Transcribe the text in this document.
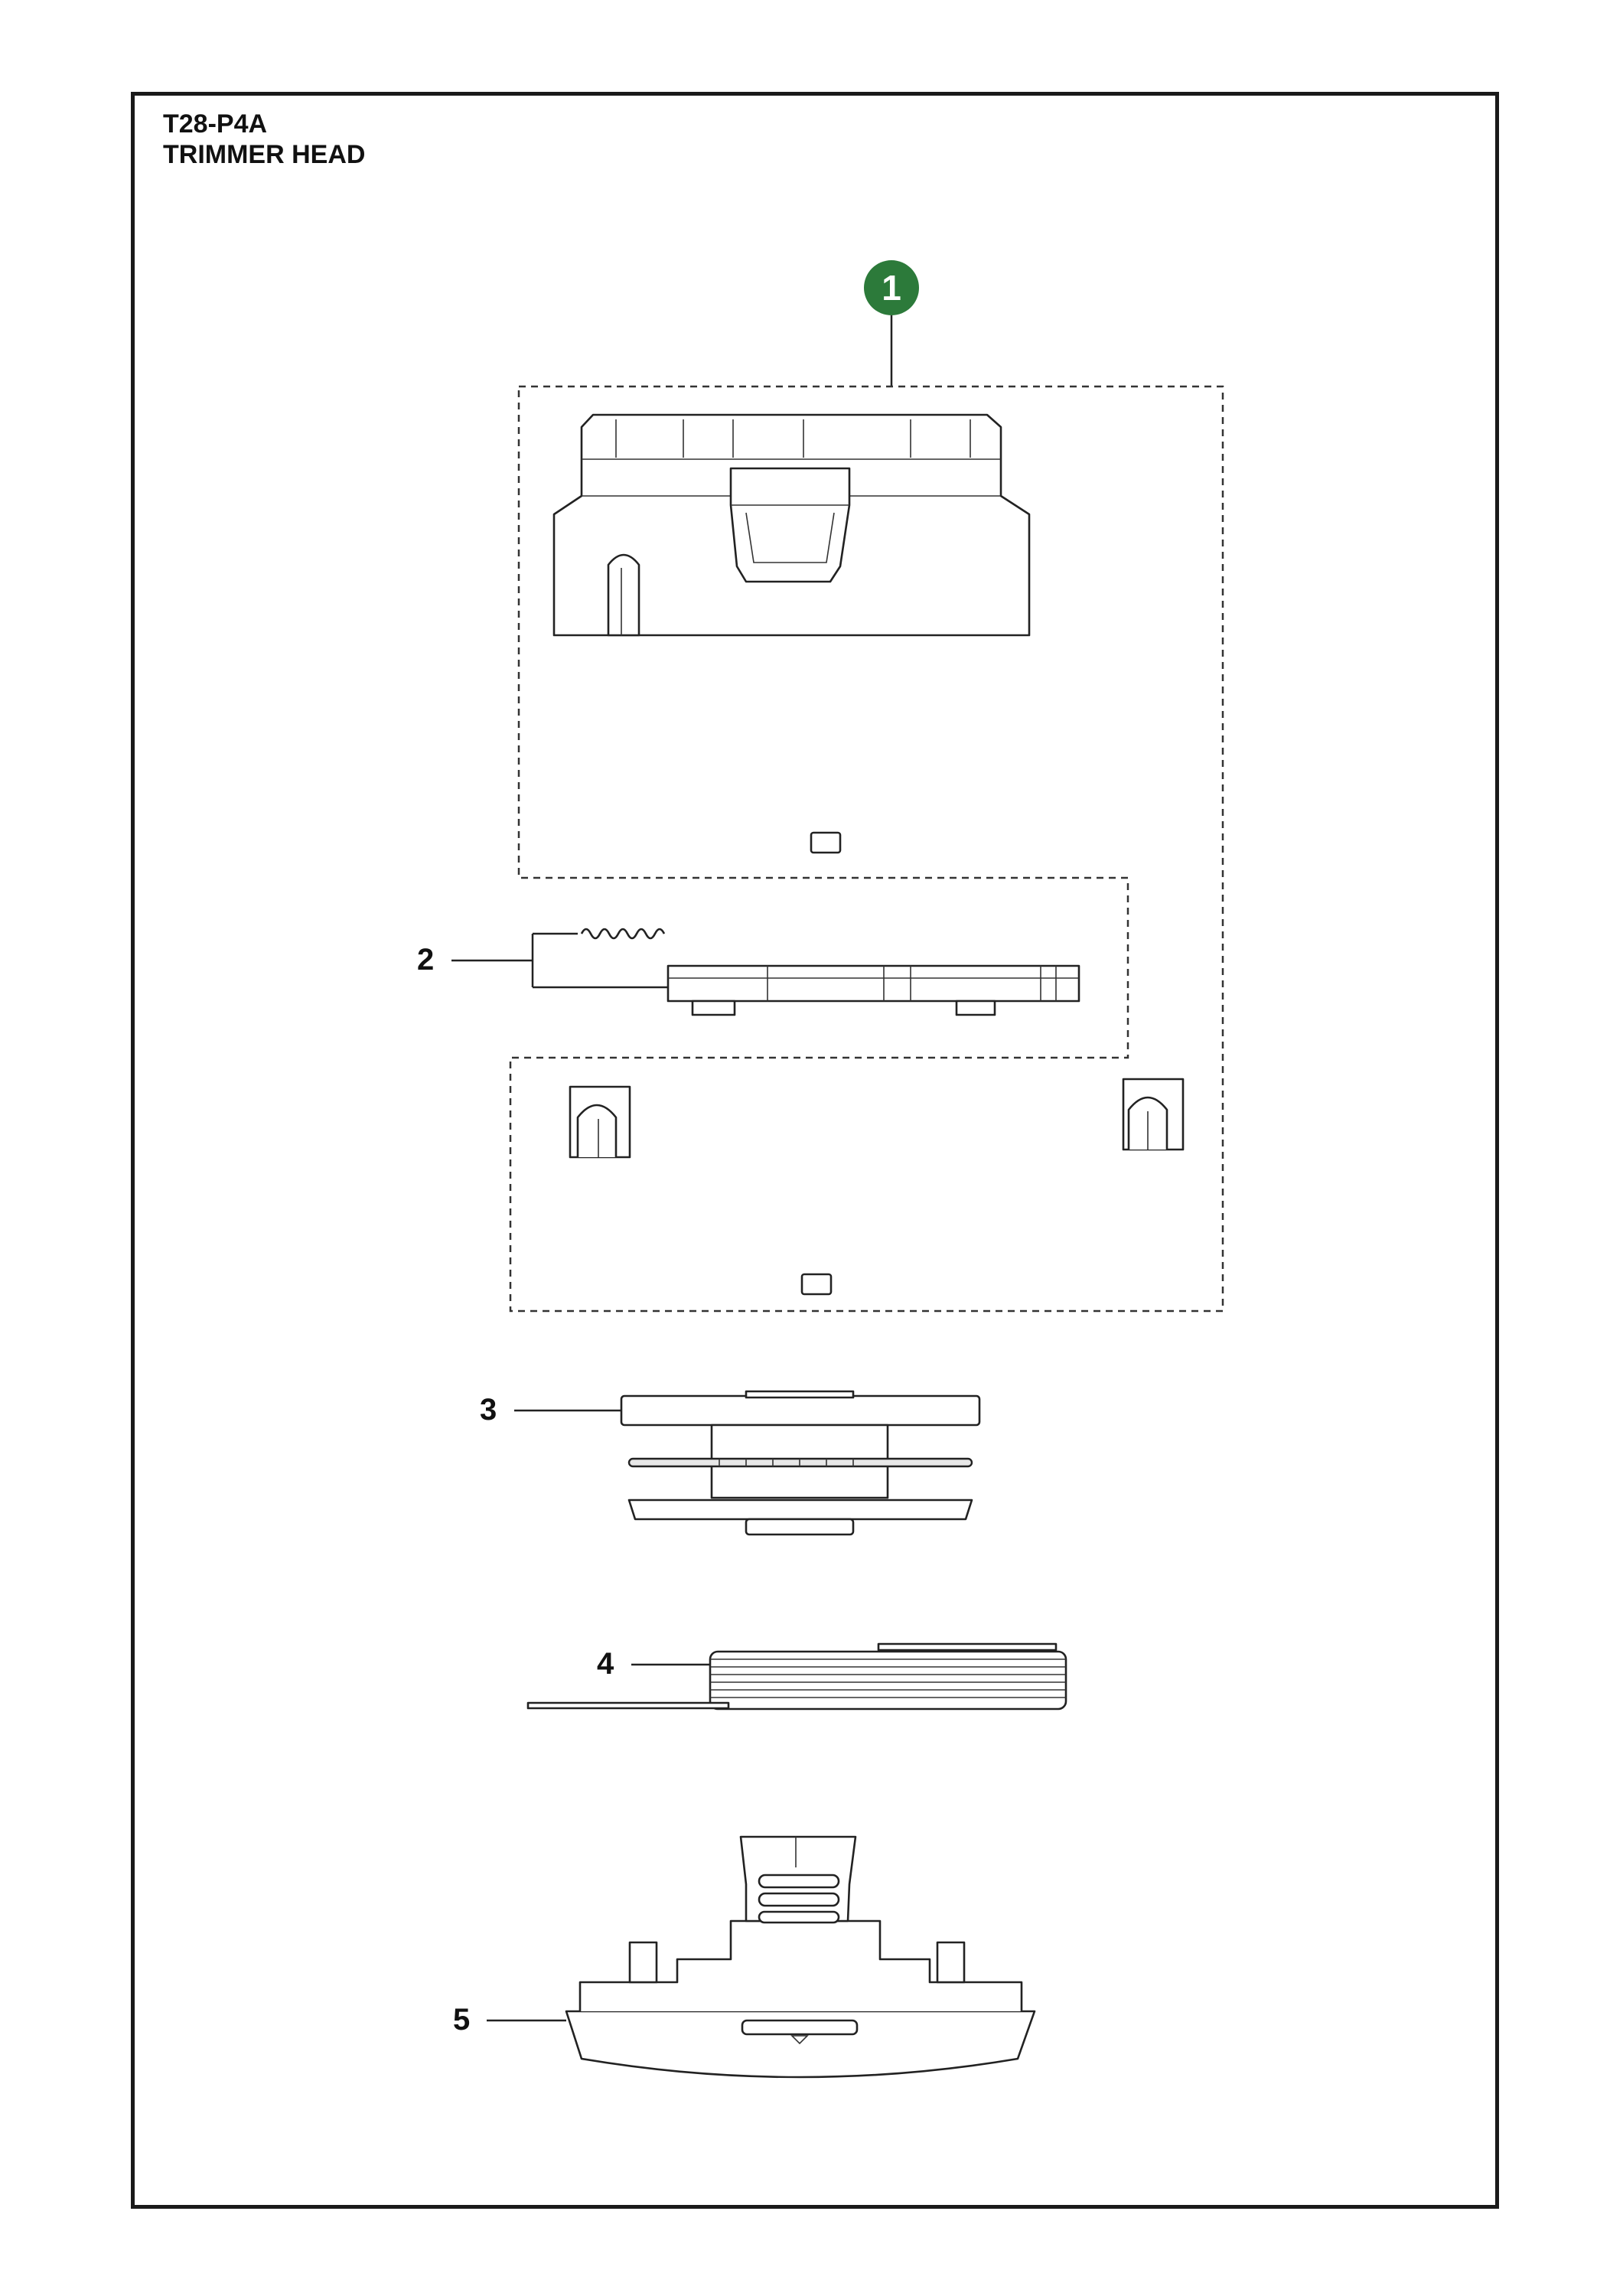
T28-P4A
TRIMMER HEAD
1
2
3
4
5
